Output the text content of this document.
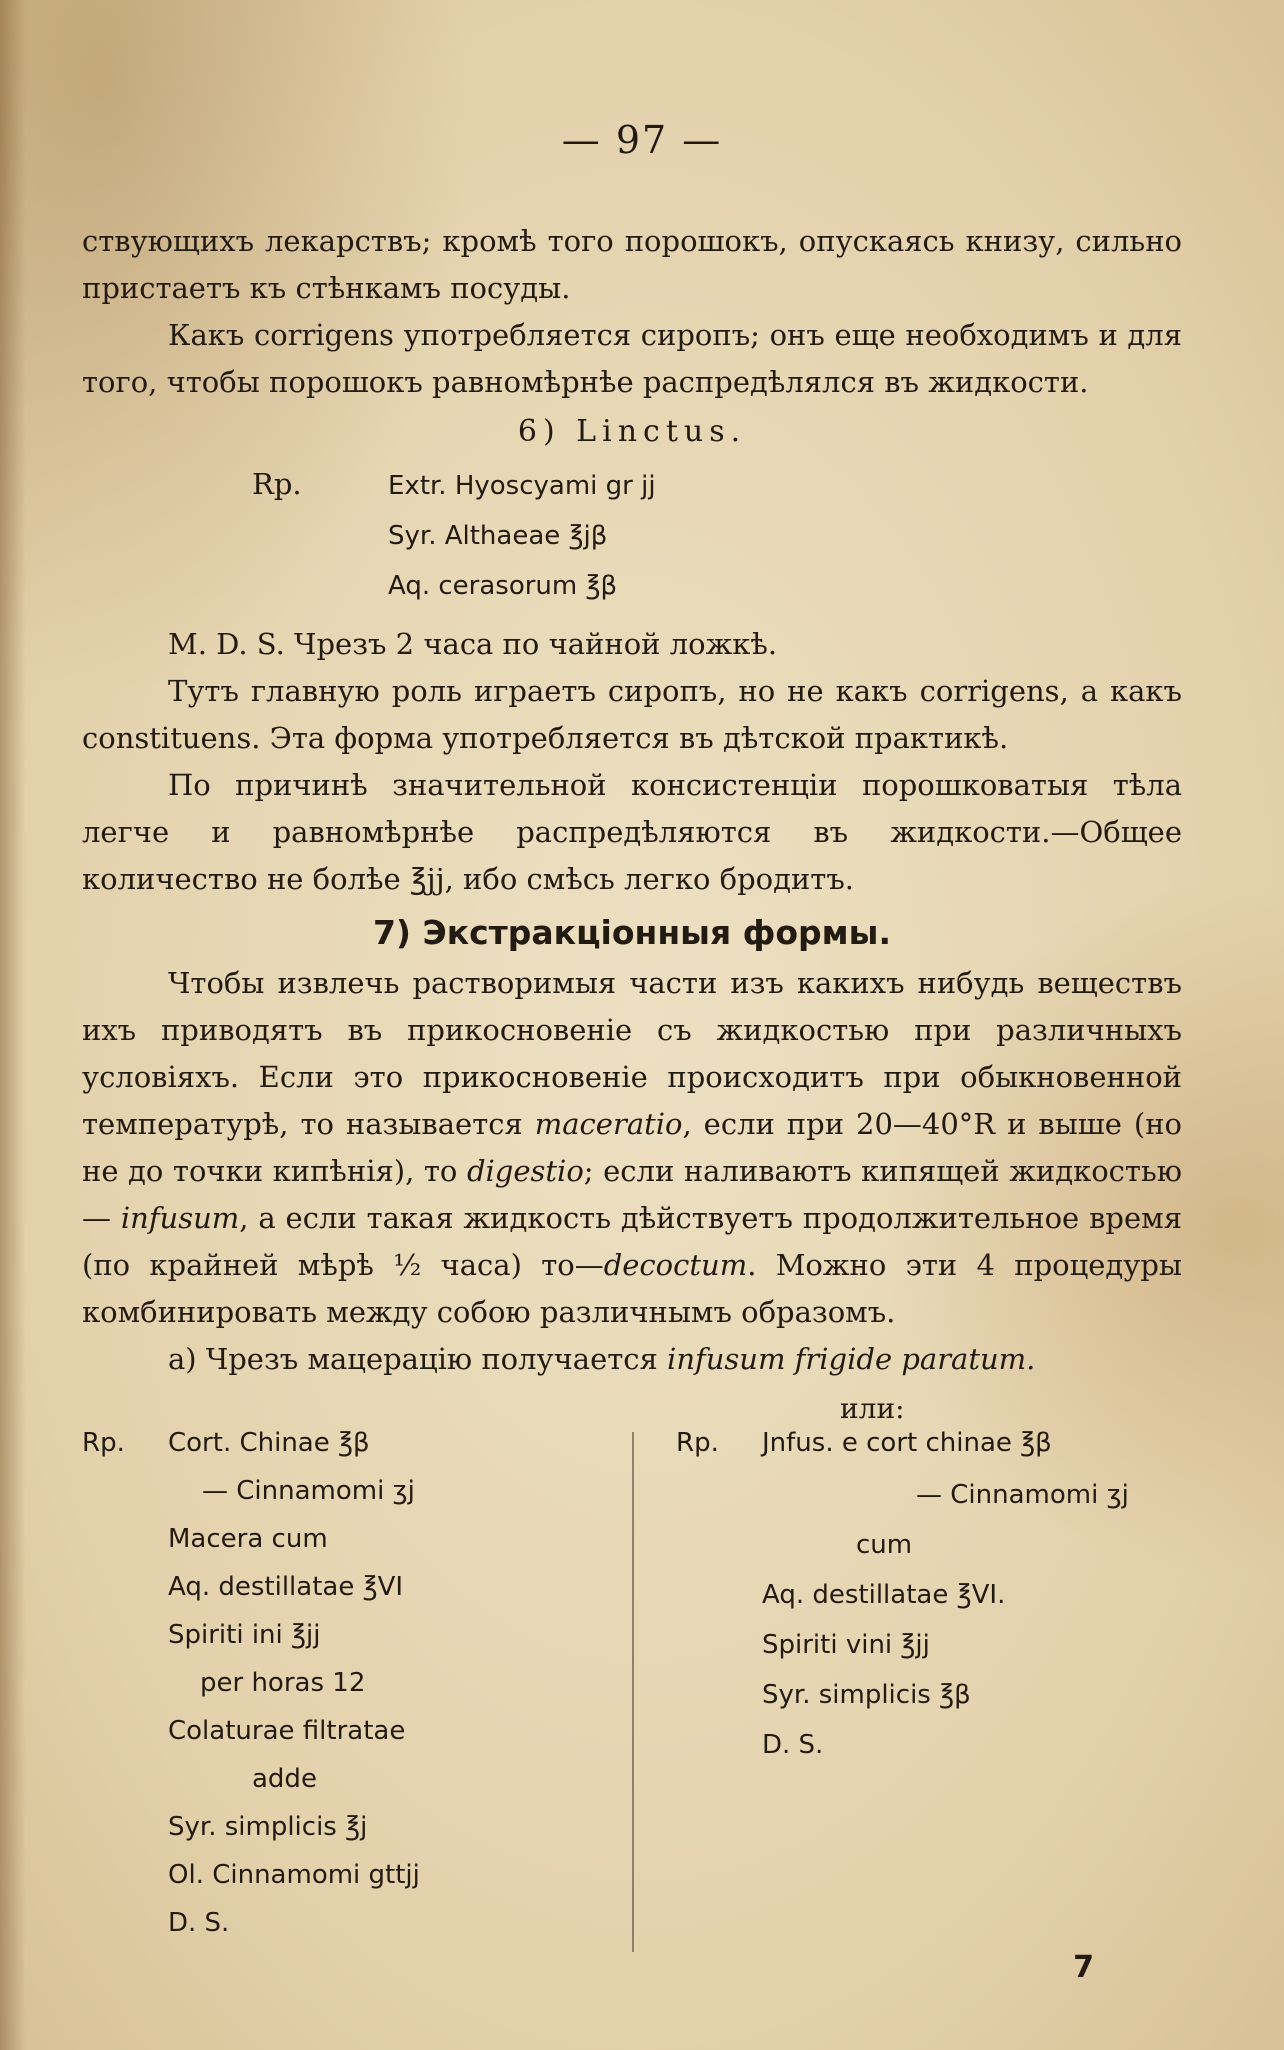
— 97 —

ствующихъ лекарствъ; кромѣ того порошокъ, опускаясь книзу, сильно пристаетъ къ стѣнкамъ посуды.

Какъ corrigens употребляется сиропъ; онъ еще необходимъ и для того, чтобы порошокъ равномѣрнѣе распредѣлялся въ жидкости.

6) Lіnctus.
Rp.	Extr. Hyoscyami gr jj
Syr. Althaeae ℥jβ
Aq. cerasorum ℥β

M. D. S. Чрезъ 2 часа по чайной ложкѣ.

Тутъ главную роль играетъ сиропъ, но не какъ corrigens, а какъ constituens. Эта форма употребляется въ дѣтской практикѣ.

По причинѣ значительной консистенціи порошковатыя тѣла легче и равномѣрнѣе распредѣляются въ жидкости.—Общее количество не болѣе ℥jj, ибо смѣсь легко бродитъ.

7) Экстракціонныя формы.

Чтобы извлечь растворимыя части изъ какихъ нибудь веществъ ихъ приводятъ въ прикосновеніе съ жидкостью при различныхъ условіяхъ. Если это прикосновеніе происходитъ при обыкновенной температурѣ, то называется maceratio, если при 20—40°R и выше (но не до точки кипѣнія), то digestio; если наливаютъ кипящей жидкостью— infusum, а если такая жидкость дѣйствуетъ продолжительное время (по крайней мѣрѣ ½ часа) то—decoctum. Можно эти 4 процедуры комбинировать между собою различнымъ образомъ.

a) Чрезъ мацерацію получается infusum frigide paratum.

или:
Rp. Cort. Chinae ℥β
— Cinnamomi ʒj
Macera cum
Aq. destillatae ℥VI
Spiriti ini ℥jj
per horas 12
Colaturae filtratae
adde
Syr. simplicis ℥j
Ol. Cinnamomi gttjj
D. S.
Rp. Jnfus. e cort chinae ℥β
— Cinnamomi ʒj
cum
Aq. destillatae ℥VI.
Spiriti vini ℥jj
Syr. simplicis ℥β
D. S.
7
